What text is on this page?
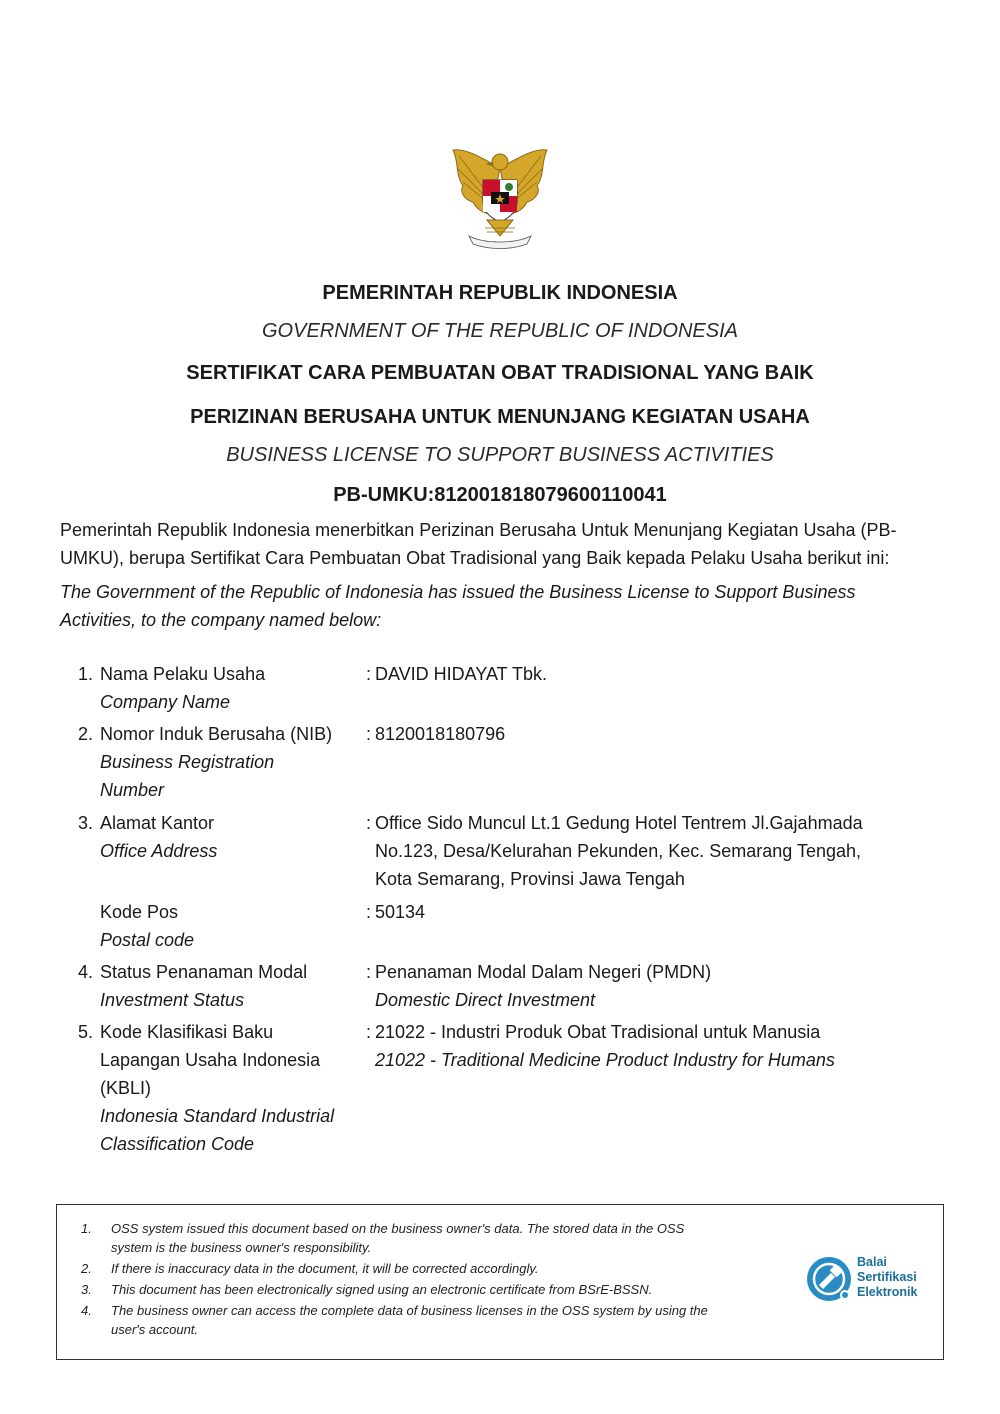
PEMERINTAH REPUBLIK INDONESIA
GOVERNMENT OF THE REPUBLIC OF INDONESIA
SERTIFIKAT CARA PEMBUATAN OBAT TRADISIONAL YANG BAIK
PERIZINAN BERUSAHA UNTUK MENUNJANG KEGIATAN USAHA
BUSINESS LICENSE TO SUPPORT BUSINESS ACTIVITIES
PB-UMKU:812001818079600110041
Pemerintah Republik Indonesia menerbitkan Perizinan Berusaha Untuk Menunjang Kegiatan Usaha (PB-
UMKU), berupa Sertifikat Cara Pembuatan Obat Tradisional yang Baik kepada Pelaku Usaha berikut ini:
The Government of the Republic of Indonesia has issued the Business License to Support Business
Activities, to the company named below:
1. Nama Pelaku Usaha
Company Name
: DAVID HIDAYAT Tbk.
2. Nomor Induk Berusaha (NIB)
Business Registration
Number
: 8120018180796
3. Alamat Kantor
Office Address
: Office Sido Muncul Lt.1 Gedung Hotel Tentrem Jl.Gajahmada
No.123, Desa/Kelurahan Pekunden, Kec. Semarang Tengah,
Kota Semarang, Provinsi Jawa Tengah
Kode Pos
Postal code
: 50134
4. Status Penanaman Modal
Investment Status
: Penanaman Modal Dalam Negeri (PMDN)
Domestic Direct Investment
5. Kode Klasifikasi Baku
Lapangan Usaha Indonesia
(KBLI)
Indonesia Standard Industrial
Classification Code
: 21022 - Industri Produk Obat Tradisional untuk Manusia
21022 - Traditional Medicine Product Industry for Humans
1. OSS system issued this document based on the business owner's data. The stored data in the OSS
system is the business owner's responsibility.
2. If there is inaccuracy data in the document, it will be corrected accordingly.
3. This document has been electronically signed using an electronic certificate from BSrE-BSSN.
4. The business owner can access the complete data of business licenses in the OSS system by using the
user's account.
Balai
Sertifikasi
Elektronik
